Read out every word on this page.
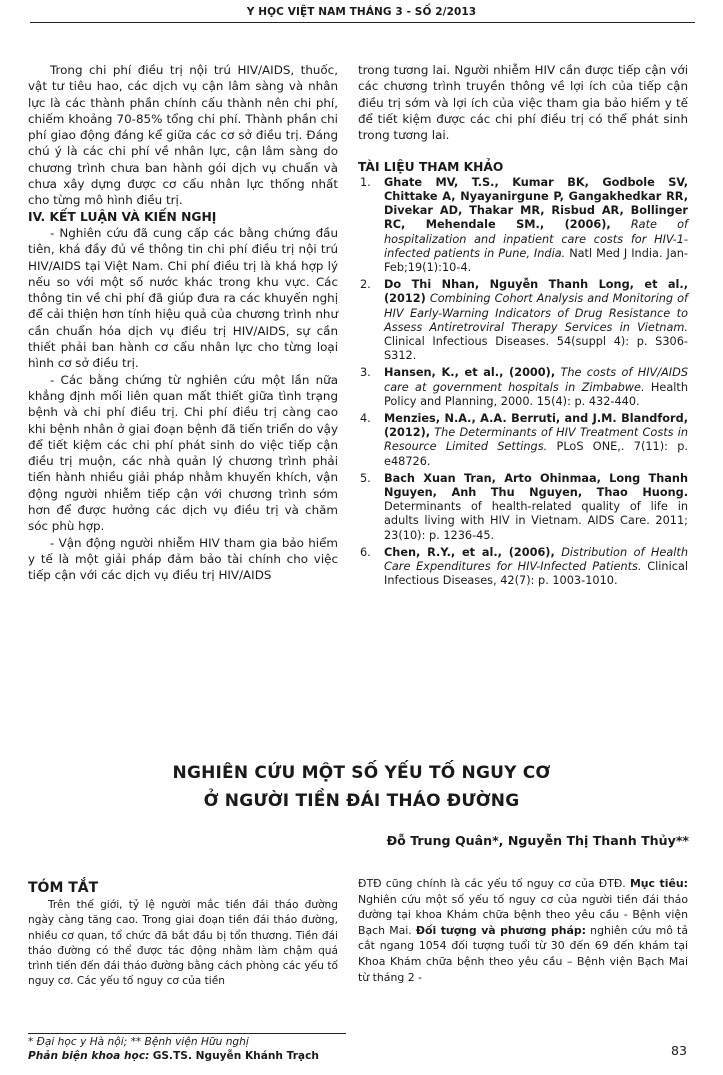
Y HỌC VIỆT NAM THÁNG 3 - SỐ 2/2013

Trong chi phí điều trị nội trú HIV/AIDS, thuốc, vật tư tiêu hao, các dịch vụ cận lâm sàng và nhân lực là các thành phần chính cấu thành nên chi phí, chiếm khoảng 70-85% tổng chi phí. Thành phần chi phí giao động đáng kể giữa các cơ sở điều trị. Đáng chú ý là các chi phí về nhân lực, cận lâm sàng do chương trình chưa ban hành gói dịch vụ chuẩn và chưa xây dựng được cơ cấu nhân lực thống nhất cho từng mô hình điều trị.

IV. KẾT LUẬN VÀ KIẾN NGHỊ

- Nghiên cứu đã cung cấp các bằng chứng đầu tiên, khá đầy đủ về thông tin chi phí điều trị nội trú HIV/AIDS tại Việt Nam. Chi phí điều trị là khá hợp lý nếu so với một số nước khác trong khu vực. Các thông tin về chi phí đã giúp đưa ra các khuyến nghị để cải thiện hơn tính hiệu quả của chương trình như cần chuẩn hóa dịch vụ điều trị HIV/AIDS, sự cần thiết phải ban hành cơ cấu nhân lực cho từng loại hình cơ sở điều trị.

- Các bằng chứng từ nghiên cứu một lần nữa khẳng định mối liên quan mất thiết giữa tình trạng bệnh và chi phí điều trị. Chi phí điều trị càng cao khi bệnh nhân ở giai đoạn bệnh đã tiến triển do vậy để tiết kiệm các chi phí phát sinh do việc tiếp cận điều trị muộn, các nhà quản lý chương trình phải tiến hành nhiều giải pháp nhằm khuyến khích, vận động người nhiễm tiếp cận với chương trình sớm hơn để được hưởng các dịch vụ điều trị và chăm sóc phù hợp.

- Vận động người nhiễm HIV tham gia bảo hiểm y tế là một giải pháp đảm bảo tài chính cho việc tiếp cận với các dịch vụ điều trị HIV/AIDS

trong tương lai. Người nhiễm HIV cần được tiếp cận với các chương trình truyền thông về lợi ích của tiếp cận điều trị sớm và lợi ích của việc tham gia bảo hiểm y tế để tiết kiệm được các chi phí điều trị có thể phát sinh trong tương lai.

TÀI LIỆU THAM KHẢO

1. Ghate MV, T.S., Kumar BK, Godbole SV, Chittake A, Nyayanirgune P, Gangakhedkar RR, Divekar AD, Thakar MR, Risbud AR, Bollinger RC, Mehendale SM., (2006), Rate of hospitalization and inpatient care costs for HIV-1-infected patients in Pune, India. Natl Med J India. Jan-Feb;19(1):10-4.
2. Do Thi Nhan, Nguyễn Thanh Long, et al., (2012) Combining Cohort Analysis and Monitoring of HIV Early-Warning Indicators of Drug Resistance to Assess Antiretroviral Therapy Services in Vietnam. Clinical Infectious Diseases. 54(suppl 4): p. S306-S312.
3. Hansen, K., et al., (2000), The costs of HIV/AIDS care at government hospitals in Zimbabwe. Health Policy and Planning, 2000. 15(4): p. 432-440.
4. Menzies, N.A., A.A. Berruti, and J.M. Blandford, (2012), The Determinants of HIV Treatment Costs in Resource Limited Settings. PLoS ONE,. 7(11): p. e48726.
5. Bach Xuan Tran, Arto Ohinmaa, Long Thanh Nguyen, Anh Thu Nguyen, Thao Huong. Determinants of health-related quality of life in adults living with HIV in Vietnam. AIDS Care. 2011; 23(10): p. 1236-45.
6. Chen, R.Y., et al., (2006), Distribution of Health Care Expenditures for HIV-Infected Patients. Clinical Infectious Diseases, 42(7): p. 1003-1010.
NGHIÊN CỨU MỘT SỐ YẾU TỐ NGUY CƠ
Ở NGƯỜI TIỀN ĐÁI THÁO ĐƯỜNG
Đỗ Trung Quân*, Nguyễn Thị Thanh Thủy**
TÓM TẮT

Trên thế giới, tỷ lệ người mắc tiền đái tháo đường ngày càng tăng cao. Trong giai đoạn tiền đái tháo đường, nhiều cơ quan, tổ chức đã bắt đầu bị tổn thương. Tiền đái tháo đường có thể được tác động nhằm làm chậm quá trình tiến đến đái tháo đường bằng cách phòng các yếu tố nguy cơ. Các yếu tố nguy cơ của tiền

ĐTĐ cũng chính là các yếu tố nguy cơ của ĐTĐ. Mục tiêu: Nghiên cứu một số yếu tố nguy cơ của người tiền đái tháo đường tại khoa Khám chữa bệnh theo yêu cầu - Bệnh viện Bạch Mai. Đối tượng và phương pháp: nghiên cứu mô tả cắt ngang 1054 đối tượng tuổi từ 30 đến 69 đến khám tại Khoa Khám chữa bệnh theo yêu cầu – Bệnh viện Bạch Mai từ tháng 2 -

* Đại học y Hà nội; ** Bệnh viện Hữu nghị
Phản biện khoa học: GS.TS. Nguyễn Khánh Trạch	83
